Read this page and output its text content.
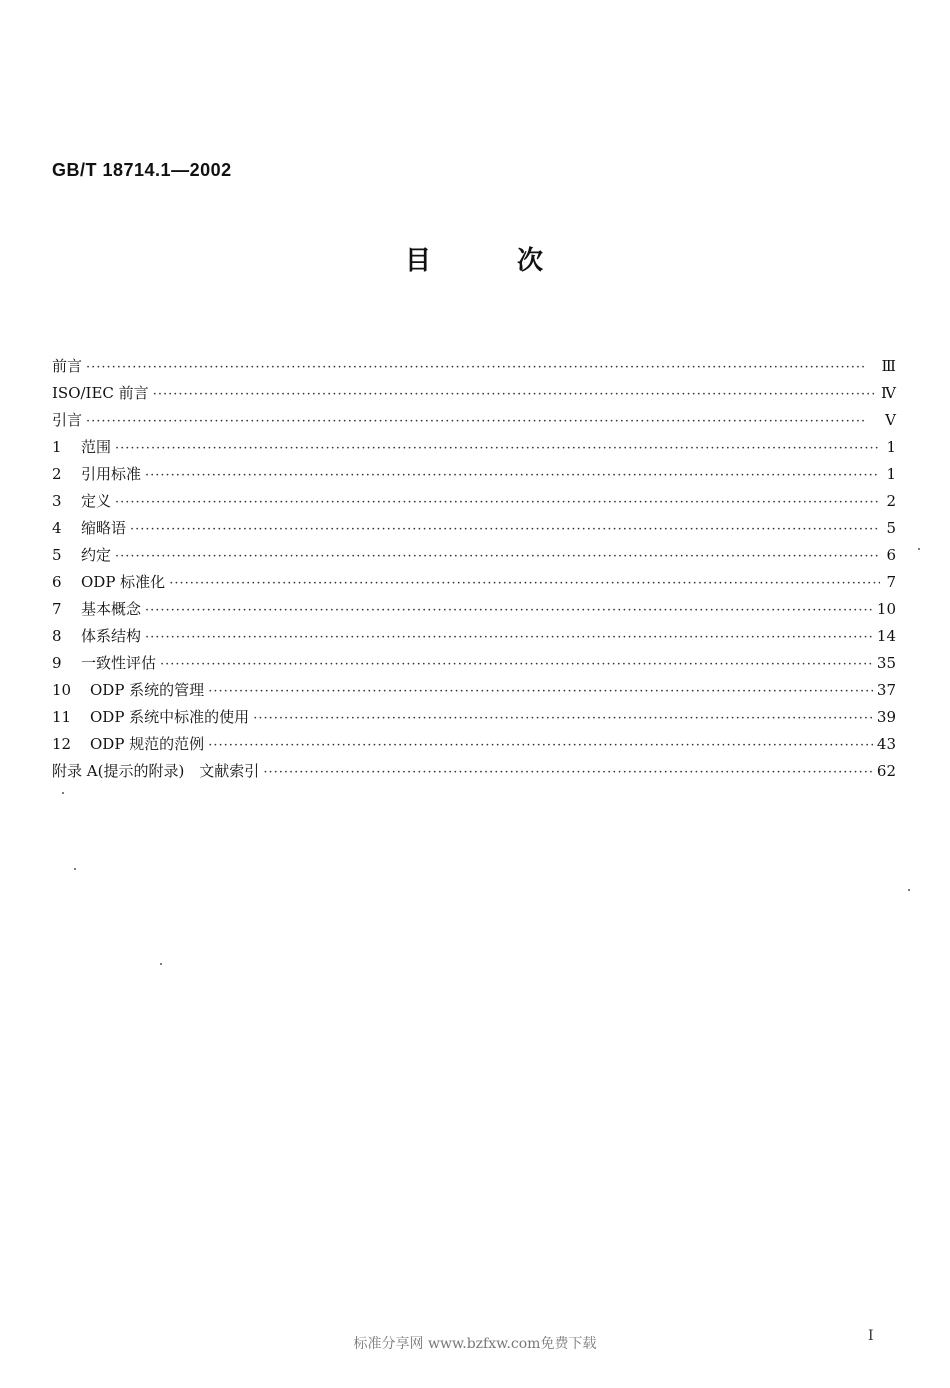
GB/T 18714.1—2002
目	次
前言 ·····	Ⅲ
ISO/IEC 前言 ·····	Ⅳ
引言 ·····	Ⅴ
1	范围 ·····	1
2	引用标准 ·····	1
3	定义 ·····	2
4	缩略语 ·····	5
5	约定 ·····	6
6	ODP 标准化 ·····	7
7	基本概念 ·····	10
8	体系结构 ·····	14
9	一致性评估 ·····	35
10	ODP 系统的管理 ·····	37
11	ODP 系统中标准的使用 ·····	39
12	ODP 规范的范例 ·····	43
附录 A(提示的附录)　文献索引 ·····	62
标准分享网 www.bzfxw.com免费下载	I
